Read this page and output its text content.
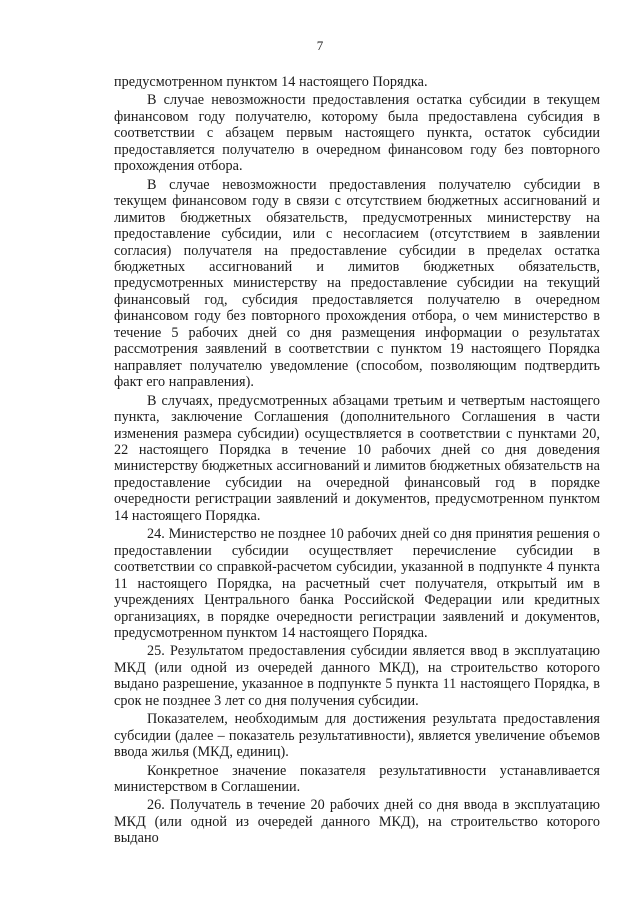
7

предусмотренном пунктом 14 настоящего Порядка.

В случае невозможности предоставления остатка субсидии в текущем финансовом году получателю, которому была предоставлена субсидия в соответствии с абзацем первым настоящего пункта, остаток субсидии предоставляется получателю в очередном финансовом году без повторного прохождения отбора.

В случае невозможности предоставления получателю субсидии в текущем финансовом году в связи с отсутствием бюджетных ассигнований и лимитов бюджетных обязательств, предусмотренных министерству на предоставление субсидии, или с несогласием (отсутствием в заявлении согласия) получателя на предоставление субсидии в пределах остатка бюджетных ассигнований и лимитов бюджетных обязательств, предусмотренных министерству на предоставление субсидии на текущий финансовый год, субсидия предоставляется получателю в очередном финансовом году без повторного прохождения отбора, о чем министерство в течение 5 рабочих дней со дня размещения информации о результатах рассмотрения заявлений в соответствии с пунктом 19 настоящего Порядка направляет получателю уведомление (способом, позволяющим подтвердить факт его направления).

В случаях, предусмотренных абзацами третьим и четвертым настоящего пункта, заключение Соглашения (дополнительного Соглашения в части изменения размера субсидии) осуществляется в соответствии с пунктами 20, 22 настоящего Порядка в течение 10 рабочих дней со дня доведения министерству бюджетных ассигнований и лимитов бюджетных обязательств на предоставление субсидии на очередной финансовый год в порядке очередности регистрации заявлений и документов, предусмотренном пунктом 14 настоящего Порядка.

24. Министерство не позднее 10 рабочих дней со дня принятия решения о предоставлении субсидии осуществляет перечисление субсидии в соответствии со справкой-расчетом субсидии, указанной в подпункте 4 пункта 11 настоящего Порядка, на расчетный счет получателя, открытый им в учреждениях Центрального банка Российской Федерации или кредитных организациях, в порядке очередности регистрации заявлений и документов, предусмотренном пунктом 14 настоящего Порядка.

25. Результатом предоставления субсидии является ввод в эксплуатацию МКД (или одной из очередей данного МКД), на строительство которого выдано разрешение, указанное в подпункте 5 пункта 11 настоящего Порядка, в срок не позднее 3 лет со дня получения субсидии.

Показателем, необходимым для достижения результата предоставления субсидии (далее – показатель результативности), является увеличение объемов ввода жилья (МКД, единиц).

Конкретное значение показателя результативности устанавливается министерством в Соглашении.

26. Получатель в течение 20 рабочих дней со дня ввода в эксплуатацию МКД (или одной из очередей данного МКД), на строительство которого выдано
